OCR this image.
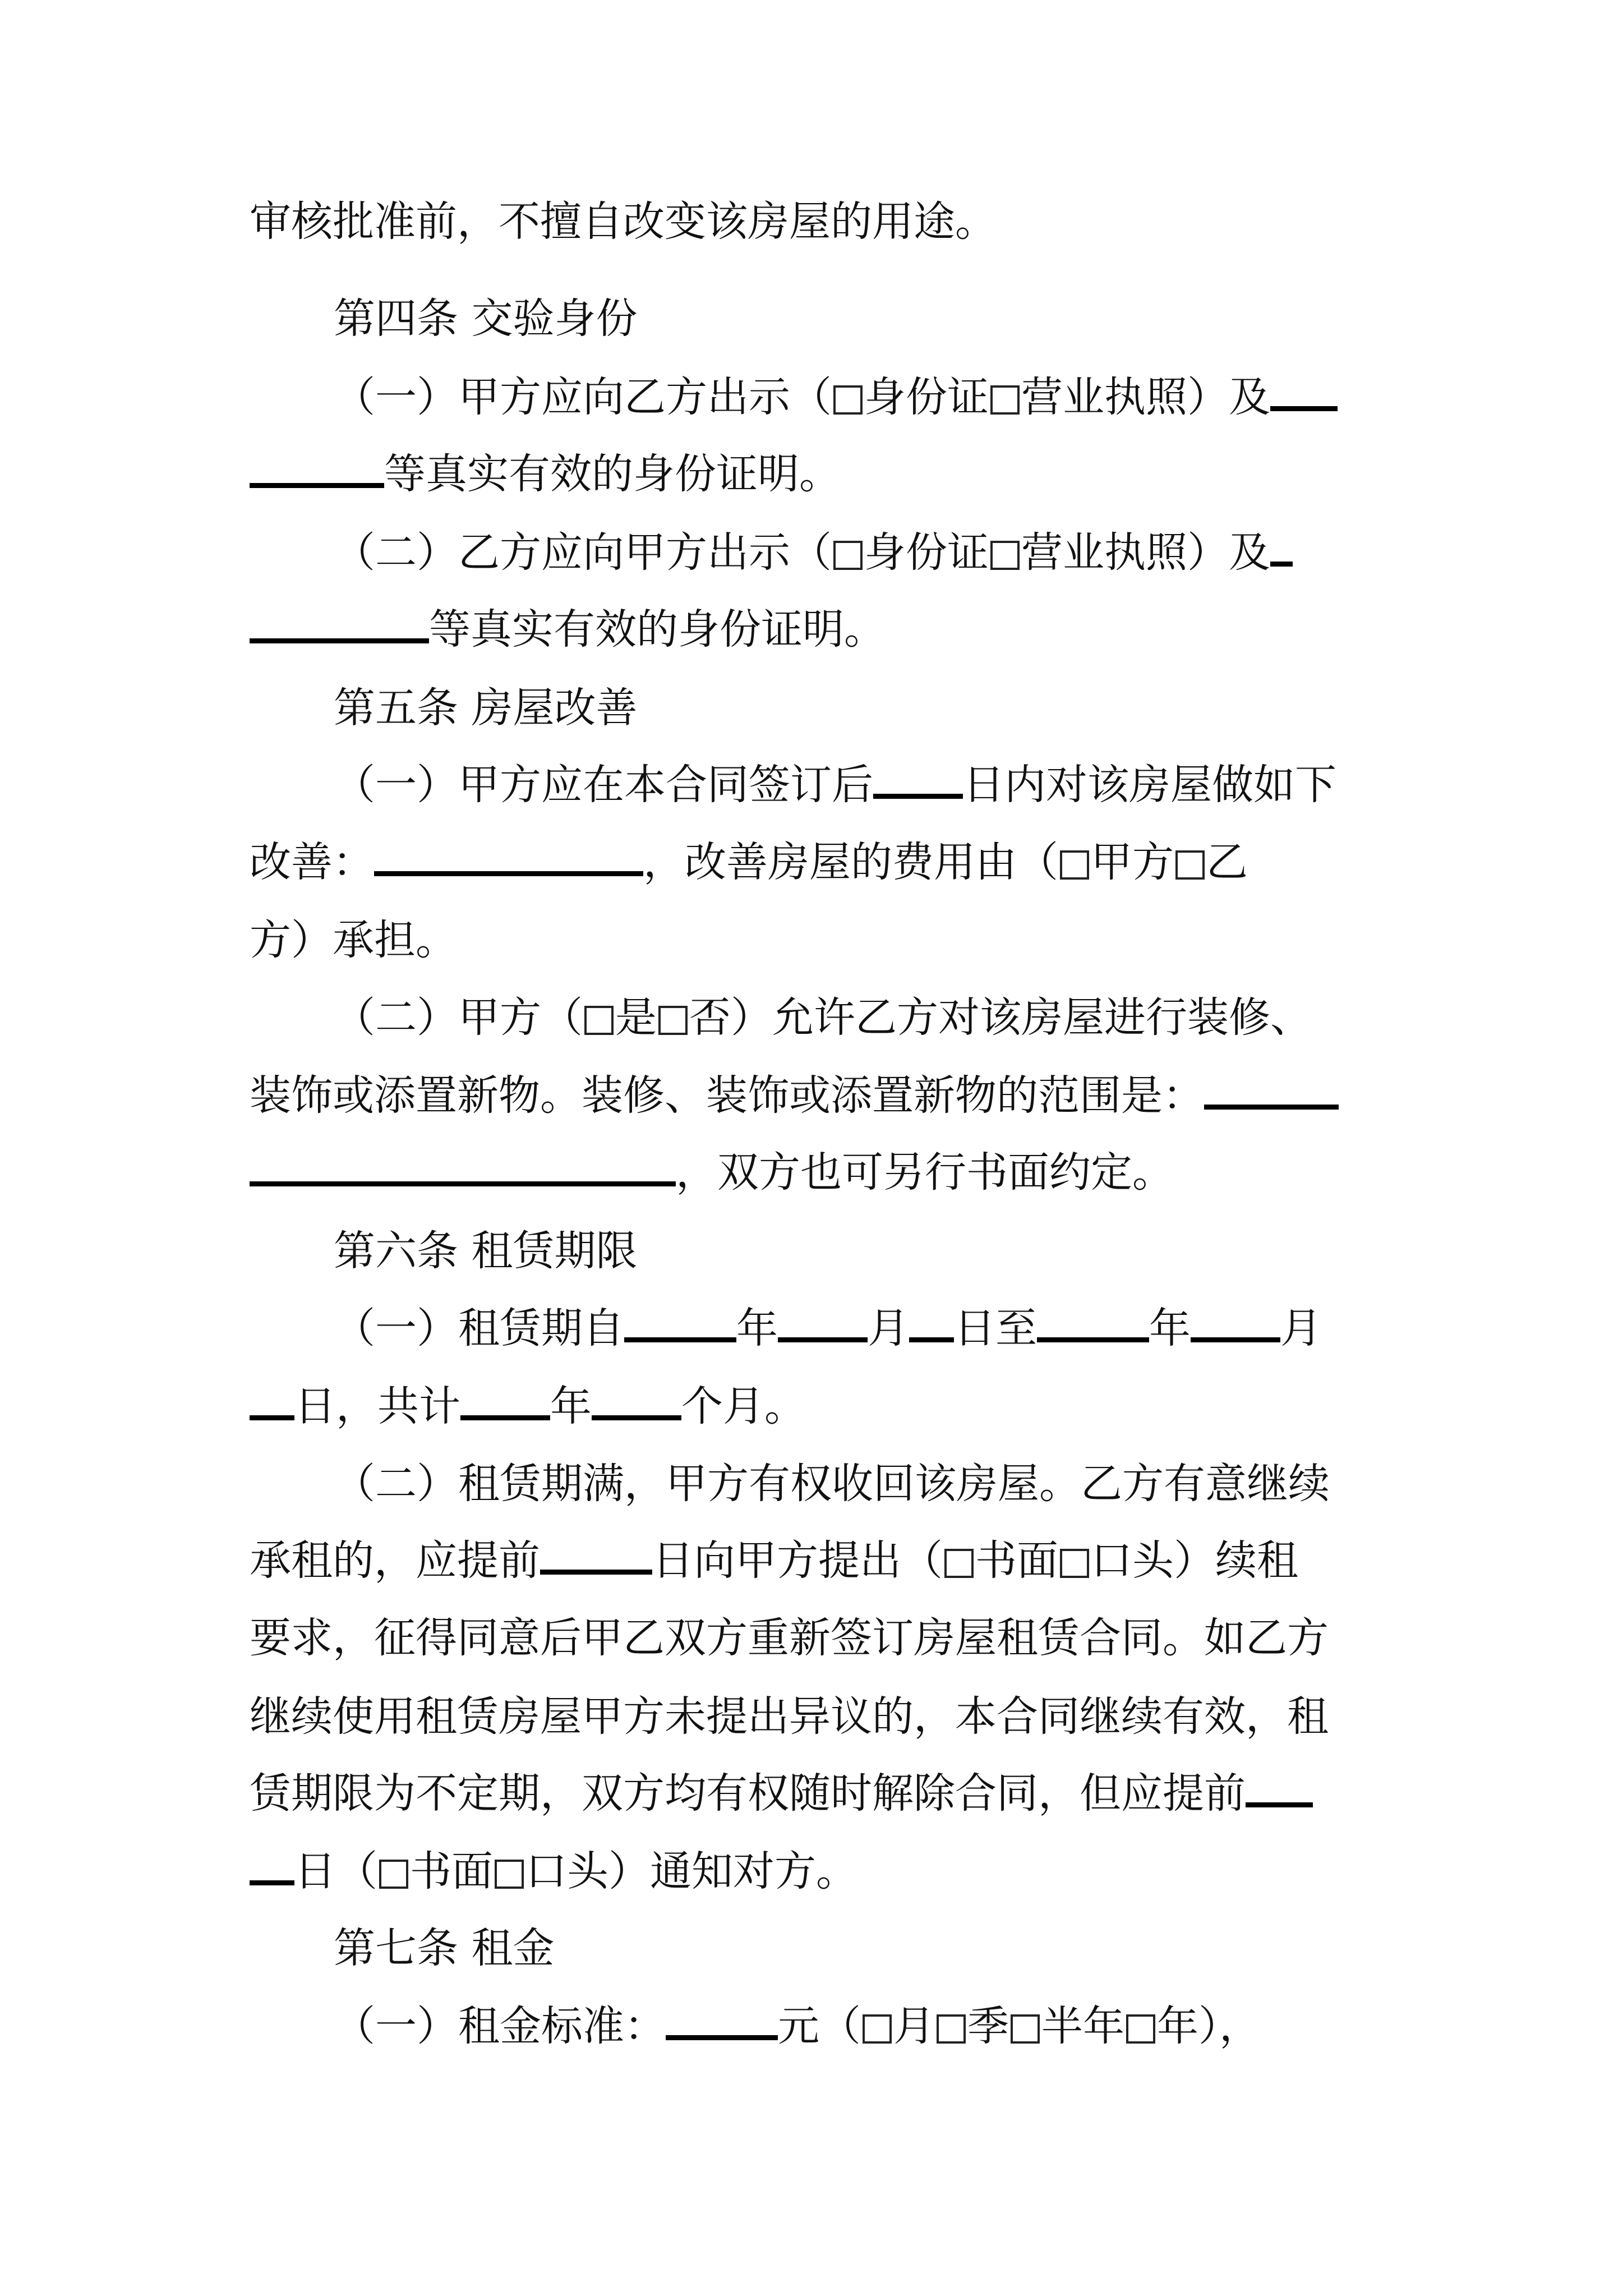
审核批准前，不擅自改变该房屋的用途。
第四条 交验身份
（一）甲方应向乙方出示（ 身份证 营业执照）及
等真实有效的身份证明。
（二）乙方应向甲方出示（ 身份证 营业执照）及
等真实有效的身份证明。
第五条 房屋改善
（一）甲方应在本合同签订后 日内对该房屋做如下
改善：	，改善房屋的费用由（ 甲方 乙
方）承担。
（二）甲方（ 是 否）允许乙方对该房屋进行装修、
装饰或添置新物。装修、装饰或添置新物的范围是：
，双方也可另行书面约定。
第六条 租赁期限
（一）租赁期自	年 月 日至	年 月
日，共计 年 个月。
（二）租赁期满，甲方有权收回该房屋。乙方有意继续
承租的，应提前	日向甲方提出（ 书面 口头）续租
要求，征得同意后甲乙双方重新签订房屋租赁合同。如乙方
继续使用租赁房屋甲方未提出异议的，本合同继续有效，租
赁期限为不定期，双方均有权随时解除合同，但应提前
日（ 书面 口头）通知对方。
第七条 租金
（一）租金标准：	元（ 月 季 半年 年），
